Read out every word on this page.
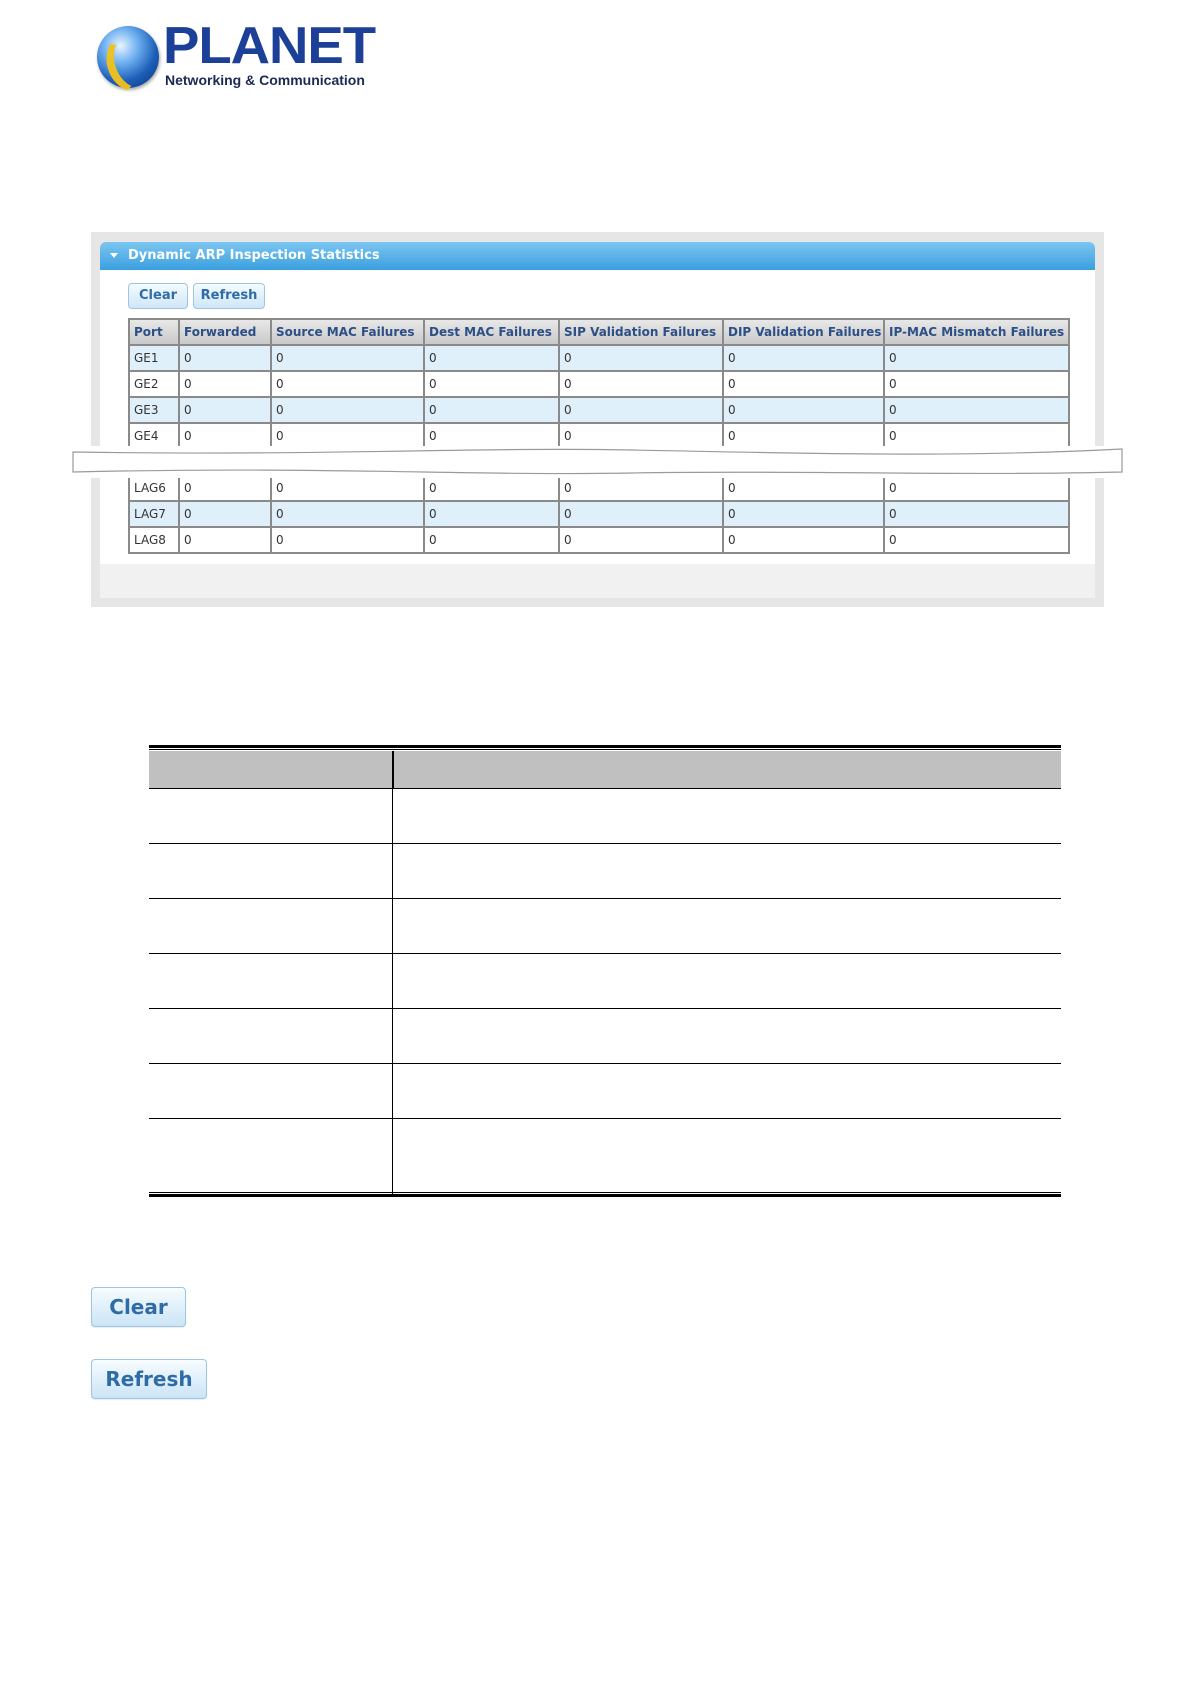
PLANET
Networking & Communication
Dynamic ARP Inspection Statistics
Clear	Refresh
Port	Forwarded	Source MAC Failures	Dest MAC Failures	SIP Validation Failures	DIP Validation Failures	IP-MAC Mismatch Failures
GE1	0	0	0	0	0	0
GE2	0	0	0	0	0	0
GE3	0	0	0	0	0	0
GE4	0	0	0	0	0	0

LAG6	0	0	0	0	0	0
LAG7	0	0	0	0	0	0
LAG8	0	0	0	0	0	0
Clear
Refresh
